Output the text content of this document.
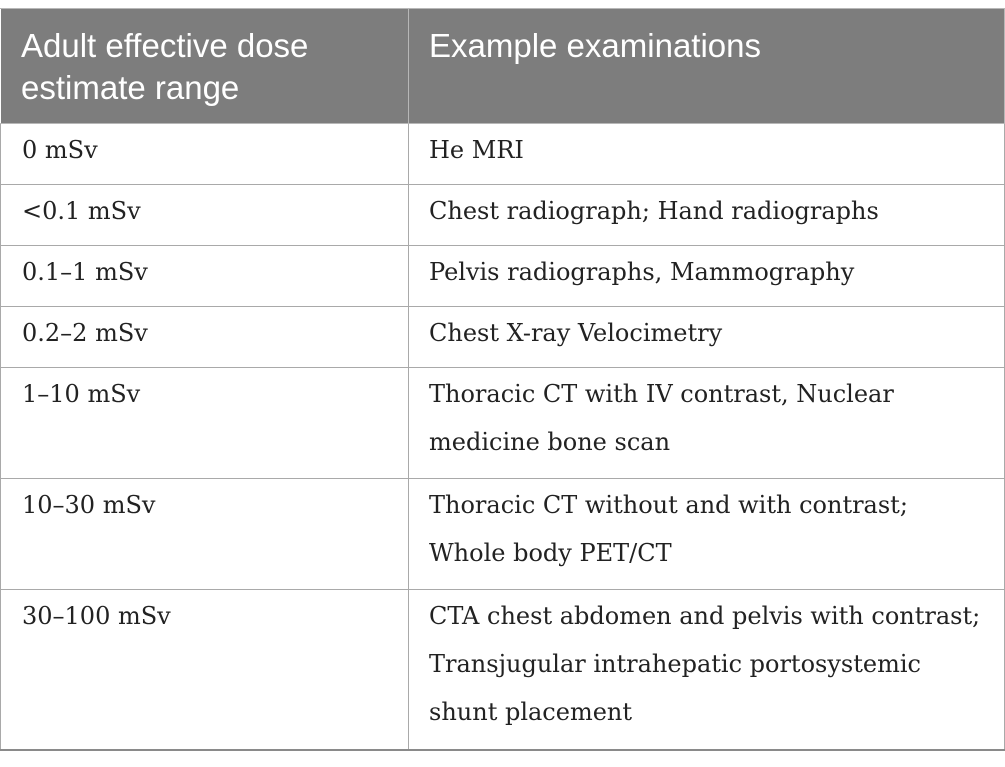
Adult effective dose estimate range	Example examinations
0 mSv	He MRI
<0.1 mSv	Chest radiograph; Hand radiographs
0.1–1 mSv	Pelvis radiographs, Mammography
0.2–2 mSv	Chest X-ray Velocimetry
1–10 mSv	Thoracic CT with IV contrast, Nuclear medicine bone scan
10–30 mSv	Thoracic CT without and with contrast; Whole body PET/CT
30–100 mSv	CTA chest abdomen and pelvis with contrast; Transjugular intrahepatic portosystemic shunt placement
